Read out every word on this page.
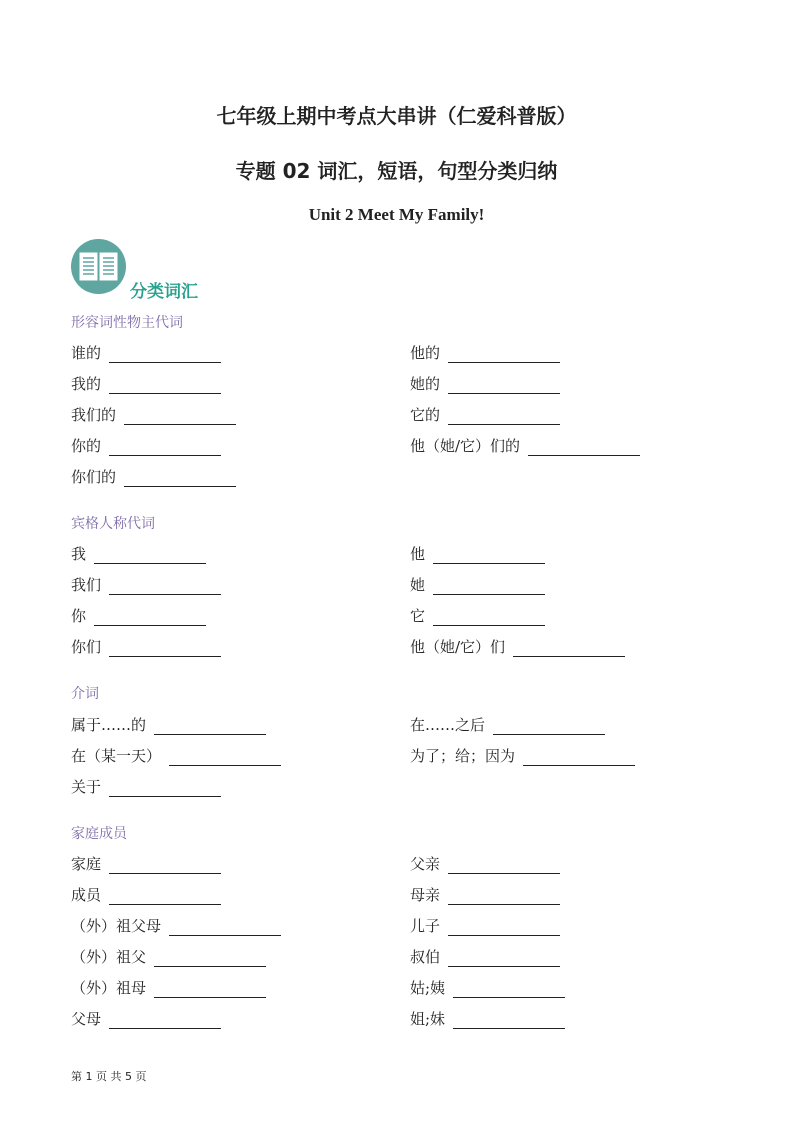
七年级上期中考点大串讲（仁爱科普版）
专题 02 词汇，短语，句型分类归纳
Unit 2 Meet My Family!
分类词汇
形容词性物主代词
谁的
我的
我们的
你的
你们的
他的
她的
它的
他（她/它）们的
宾格人称代词
我
我们
你
你们
他
她
它
他（她/它）们
介词
属于……的
在（某一天）
关于
在……之后
为了；给；因为
家庭成员
家庭
成员
（外）祖父母
（外）祖父
（外）祖母
父母
父亲
母亲
儿子
叔伯
姑;姨
姐;妹
第 1 页 共 5 页
